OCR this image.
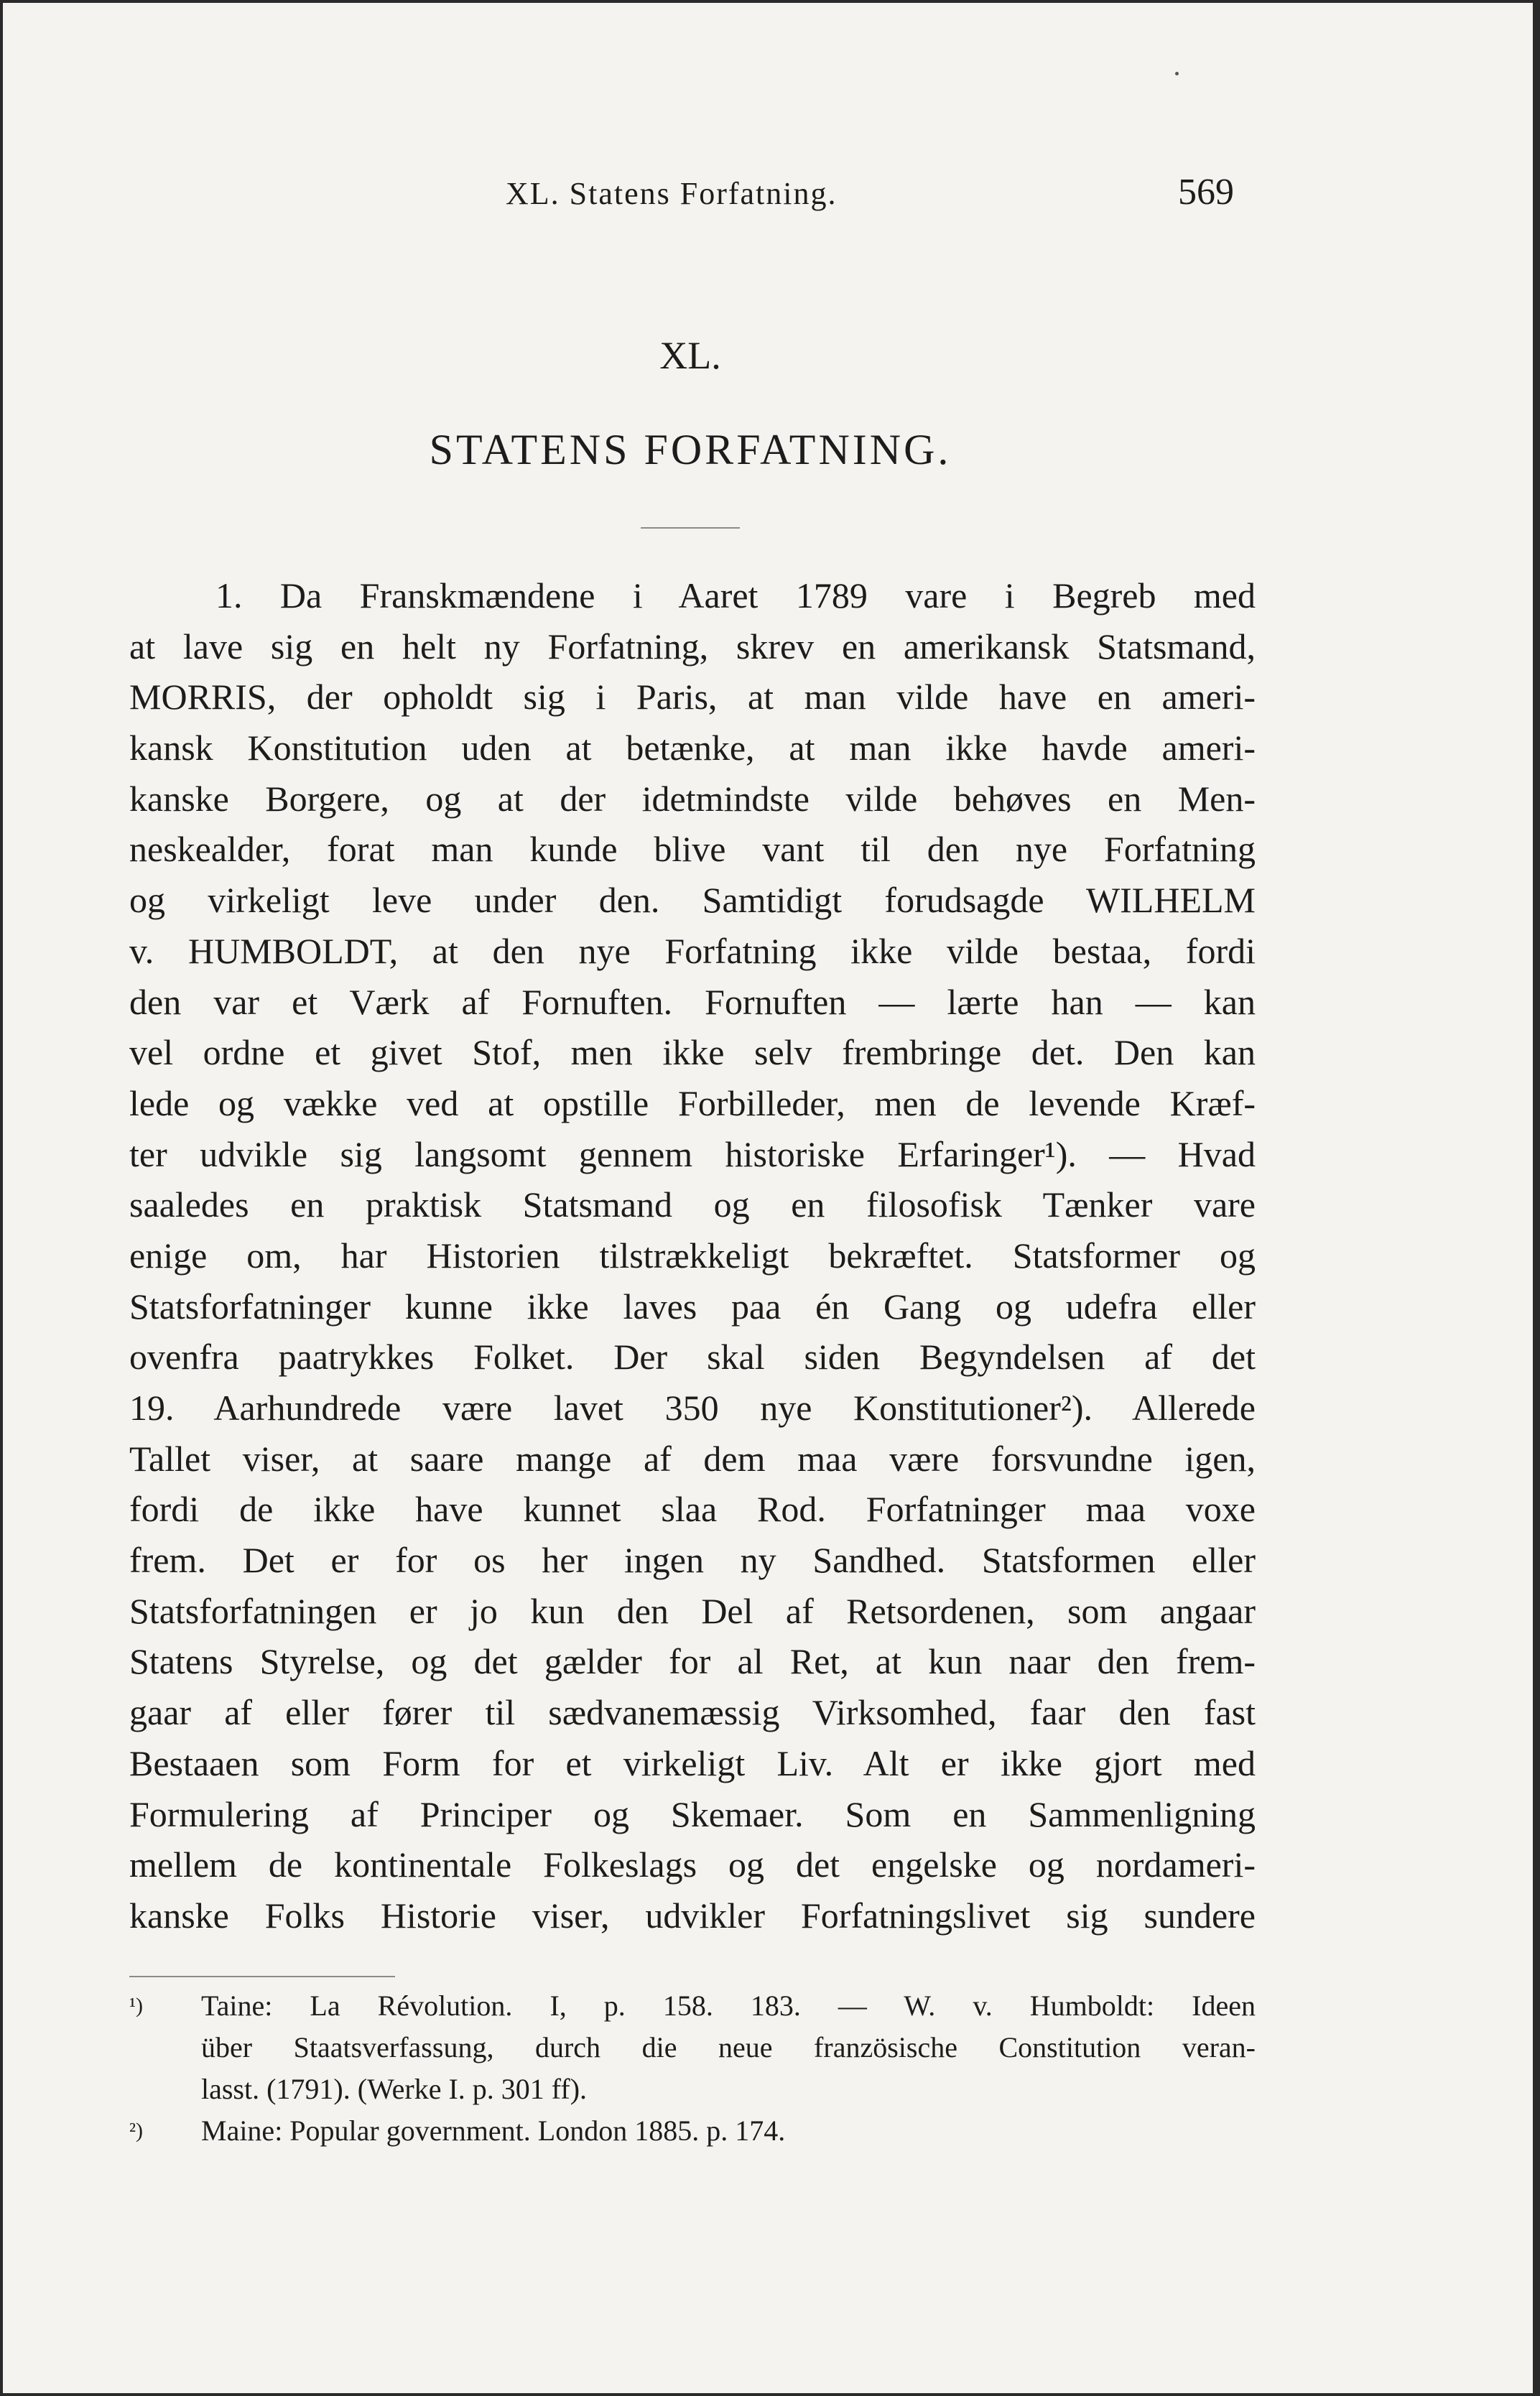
XL. Statens Forfatning.	569
XL.
STATENS FORFATNING.
1. Da Franskmændene i Aaret 1789 vare i Begreb med
at lave sig en helt ny Forfatning, skrev en amerikansk Statsmand,
MORRIS, der opholdt sig i Paris, at man vilde have en ameri-
kansk Konstitution uden at betænke, at man ikke havde ameri-
kanske Borgere, og at der idetmindste vilde behøves en Men-
neskealder, forat man kunde blive vant til den nye Forfatning
og virkeligt leve under den. Samtidigt forudsagde WILHELM
v. HUMBOLDT, at den nye Forfatning ikke vilde bestaa, fordi
den var et Værk af Fornuften. Fornuften — lærte han — kan
vel ordne et givet Stof, men ikke selv frembringe det. Den kan
lede og vække ved at opstille Forbilleder, men de levende Kræf-
ter udvikle sig langsomt gennem historiske Erfaringer¹). — Hvad
saaledes en praktisk Statsmand og en filosofisk Tænker vare
enige om, har Historien tilstrækkeligt bekræftet. Statsformer og
Statsforfatninger kunne ikke laves paa én Gang og udefra eller
ovenfra paatrykkes Folket. Der skal siden Begyndelsen af det
19. Aarhundrede være lavet 350 nye Konstitutioner²). Allerede
Tallet viser, at saare mange af dem maa være forsvundne igen,
fordi de ikke have kunnet slaa Rod. Forfatninger maa voxe
frem. Det er for os her ingen ny Sandhed. Statsformen eller
Statsforfatningen er jo kun den Del af Retsordenen, som angaar
Statens Styrelse, og det gælder for al Ret, at kun naar den frem-
gaar af eller fører til sædvanemæssig Virksomhed, faar den fast
Bestaaen som Form for et virkeligt Liv. Alt er ikke gjort med
Formulering af Principer og Skemaer. Som en Sammenligning
mellem de kontinentale Folkeslags og det engelske og nordameri-
kanske Folks Historie viser, udvikler Forfatningslivet sig sundere
¹) Taine: La Révolution. I, p. 158. 183. — W. v. Humboldt: Ideen
über Staatsverfassung, durch die neue französische Constitution veran-
lasst. (1791). (Werke I. p. 301 ff).
²) Maine: Popular government. London 1885. p. 174.
